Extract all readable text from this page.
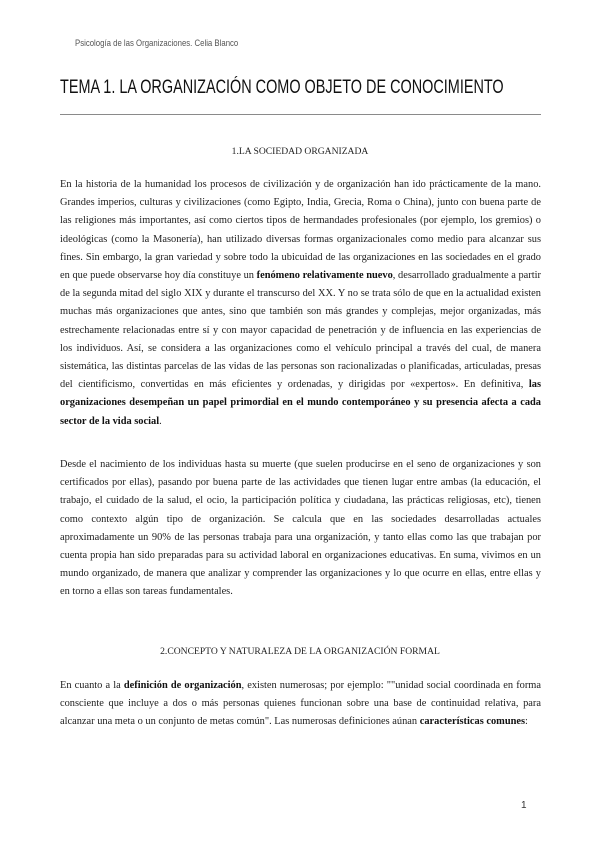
Psicología de las Organizaciones. Celia Blanco
TEMA 1. LA ORGANIZACIÓN COMO OBJETO DE CONOCIMIENTO
1.LA SOCIEDAD ORGANIZADA

En la historia de la humanidad los procesos de civilización y de organización han ido prácticamente de la mano. Grandes imperios, culturas y civilizaciones (como Egipto, India, Grecia, Roma o China), junto con buena parte de las religiones más importantes, así como ciertos tipos de hermandades profesionales (por ejemplo, los gremios) o ideológicas (como la Masonería), han utilizado diversas formas organizacionales como medio para alcanzar sus fines. Sin embargo, la gran variedad y sobre todo la ubicuidad de las organizaciones en las sociedades en el grado en que puede observarse hoy día constituye un fenómeno relativamente nuevo, desarrollado gradualmente a partir de la segunda mitad del siglo XIX y durante el transcurso del XX. Y no se trata sólo de que en la actualidad existen muchas más organizaciones que antes, sino que también son más grandes y complejas, mejor organizadas, más estrechamente relacionadas entre sí y con mayor capacidad de penetración y de influencia en las experiencias de los individuos. Así, se considera a las organizaciones como el vehículo principal a través del cual, de manera sistemática, las distintas parcelas de las vidas de las personas son racionalizadas o planificadas, articuladas, presas del cientificismo, convertidas en más eficientes y ordenadas, y dirigidas por «expertos». En definitiva, las organizaciones desempeñan un papel primordial en el mundo contemporáneo y su presencia afecta a cada sector de la vida social.

Desde el nacimiento de los individuas hasta su muerte (que suelen producirse en el seno de organizaciones y son certificados por ellas), pasando por buena parte de las actividades que tienen lugar entre ambas (la educación, el trabajo, el cuidado de la salud, el ocio, la participación política y ciudadana, las prácticas religiosas, etc), tienen como contexto algún tipo de organización. Se calcula que en las sociedades desarrolladas actuales aproximadamente un 90% de las personas trabaja para una organización, y tanto ellas como las que trabajan por cuenta propia han sido preparadas para su actividad laboral en organizaciones educativas. En suma, vivimos en un mundo organizado, de manera que analizar y comprender las organizaciones y lo que ocurre en ellas, entre ellas y en torno a ellas son tareas fundamentales.

2.CONCEPTO Y NATURALEZA DE LA ORGANIZACIÓN FORMAL

En cuanto a la definición de organización, existen numerosas; por ejemplo: ""unidad social coordinada en forma consciente que incluye a dos o más personas quienes funcionan sobre una base de continuidad relativa, para alcanzar una meta o un conjunto de metas común". Las numerosas definiciones aúnan características comunes:

1
